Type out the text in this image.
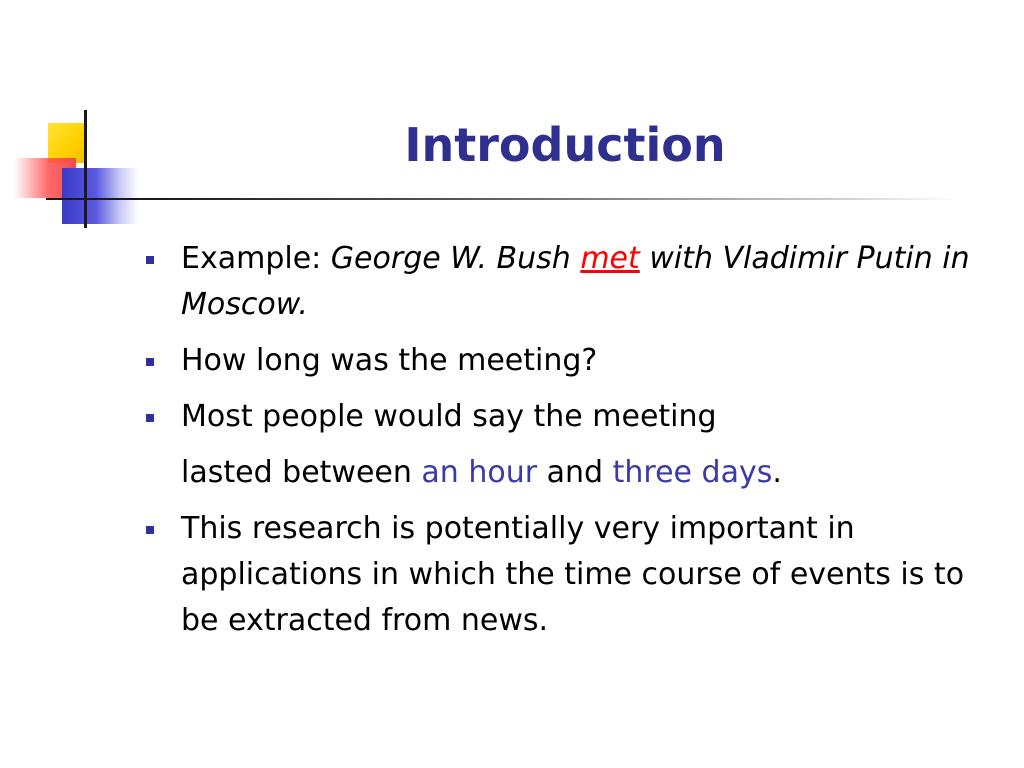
Introduction
Example: George W. Bush met with Vladimir Putin in Moscow.
How long was the meeting?
Most people would say the meeting
lasted between an hour and three days.
This research is potentially very important in applications in which the time course of events is to be extracted from news.
